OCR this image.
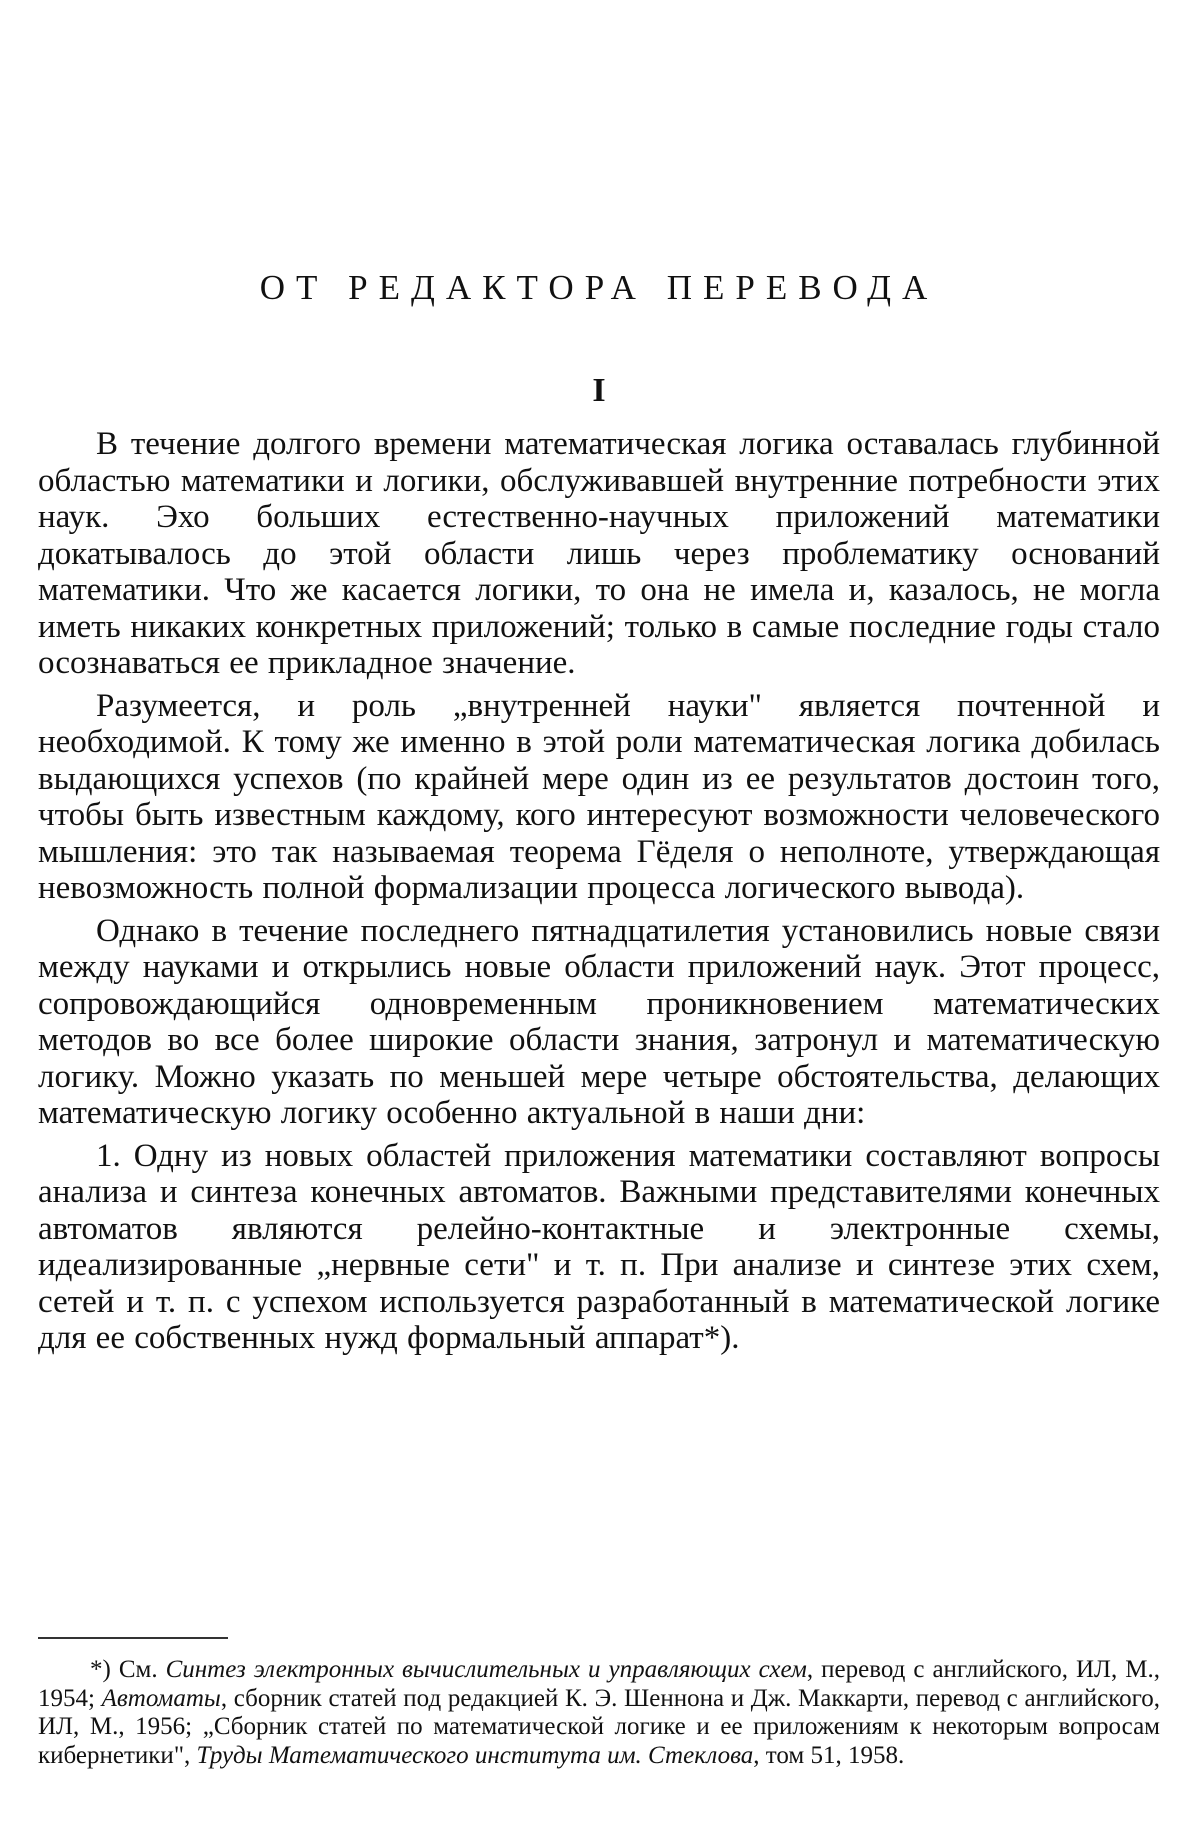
ОТ РЕДАКТОРА ПЕРЕВОДА
I

В течение долгого времени математическая логика оставалась глубинной областью математики и логики, обслуживавшей внутренние потребности этих наук. Эхо больших естественно-научных приложений математики докатывалось до этой области лишь через проблематику оснований математики. Что же касается логики, то она не имела и, казалось, не могла иметь никаких конкретных приложений; только в самые последние годы стало осознаваться ее прикладное значение.

Разумеется, и роль „внутренней науки" является почтенной и необходимой. К тому же именно в этой роли математическая логика добилась выдающихся успехов (по крайней мере один из ее результатов достоин того, чтобы быть известным каждому, кого интересуют возможности человеческого мышления: это так называемая теорема Гёделя о неполноте, утверждающая невозможность полной формализации процесса логического вывода).

Однако в течение последнего пятнадцатилетия установились новые связи между науками и открылись новые области приложений наук. Этот процесс, сопровождающийся одновременным проникновением математических методов во все более широкие области знания, затронул и математическую логику. Можно указать по меньшей мере четыре обстоятельства, делающих математическую логику особенно актуальной в наши дни:

1. Одну из новых областей приложения математики составляют вопросы анализа и синтеза конечных автоматов. Важными представителями конечных автоматов являются релейно-контактные и электронные схемы, идеализированные „нервные сети" и т. п. При анализе и синтезе этих схем, сетей и т. п. с успехом используется разработанный в математической логике для ее собственных нужд формальный аппарат*).

*) См. Синтез электронных вычислительных и управляющих схем, перевод с английского, ИЛ, М., 1954; Автоматы, сборник статей под редакцией К. Э. Шеннона и Дж. Маккарти, перевод с английского, ИЛ, М., 1956; „Сборник статей по математической логике и ее приложениям к некоторым вопросам кибернетики", Труды Математического института им. Стеклова, том 51, 1958.
